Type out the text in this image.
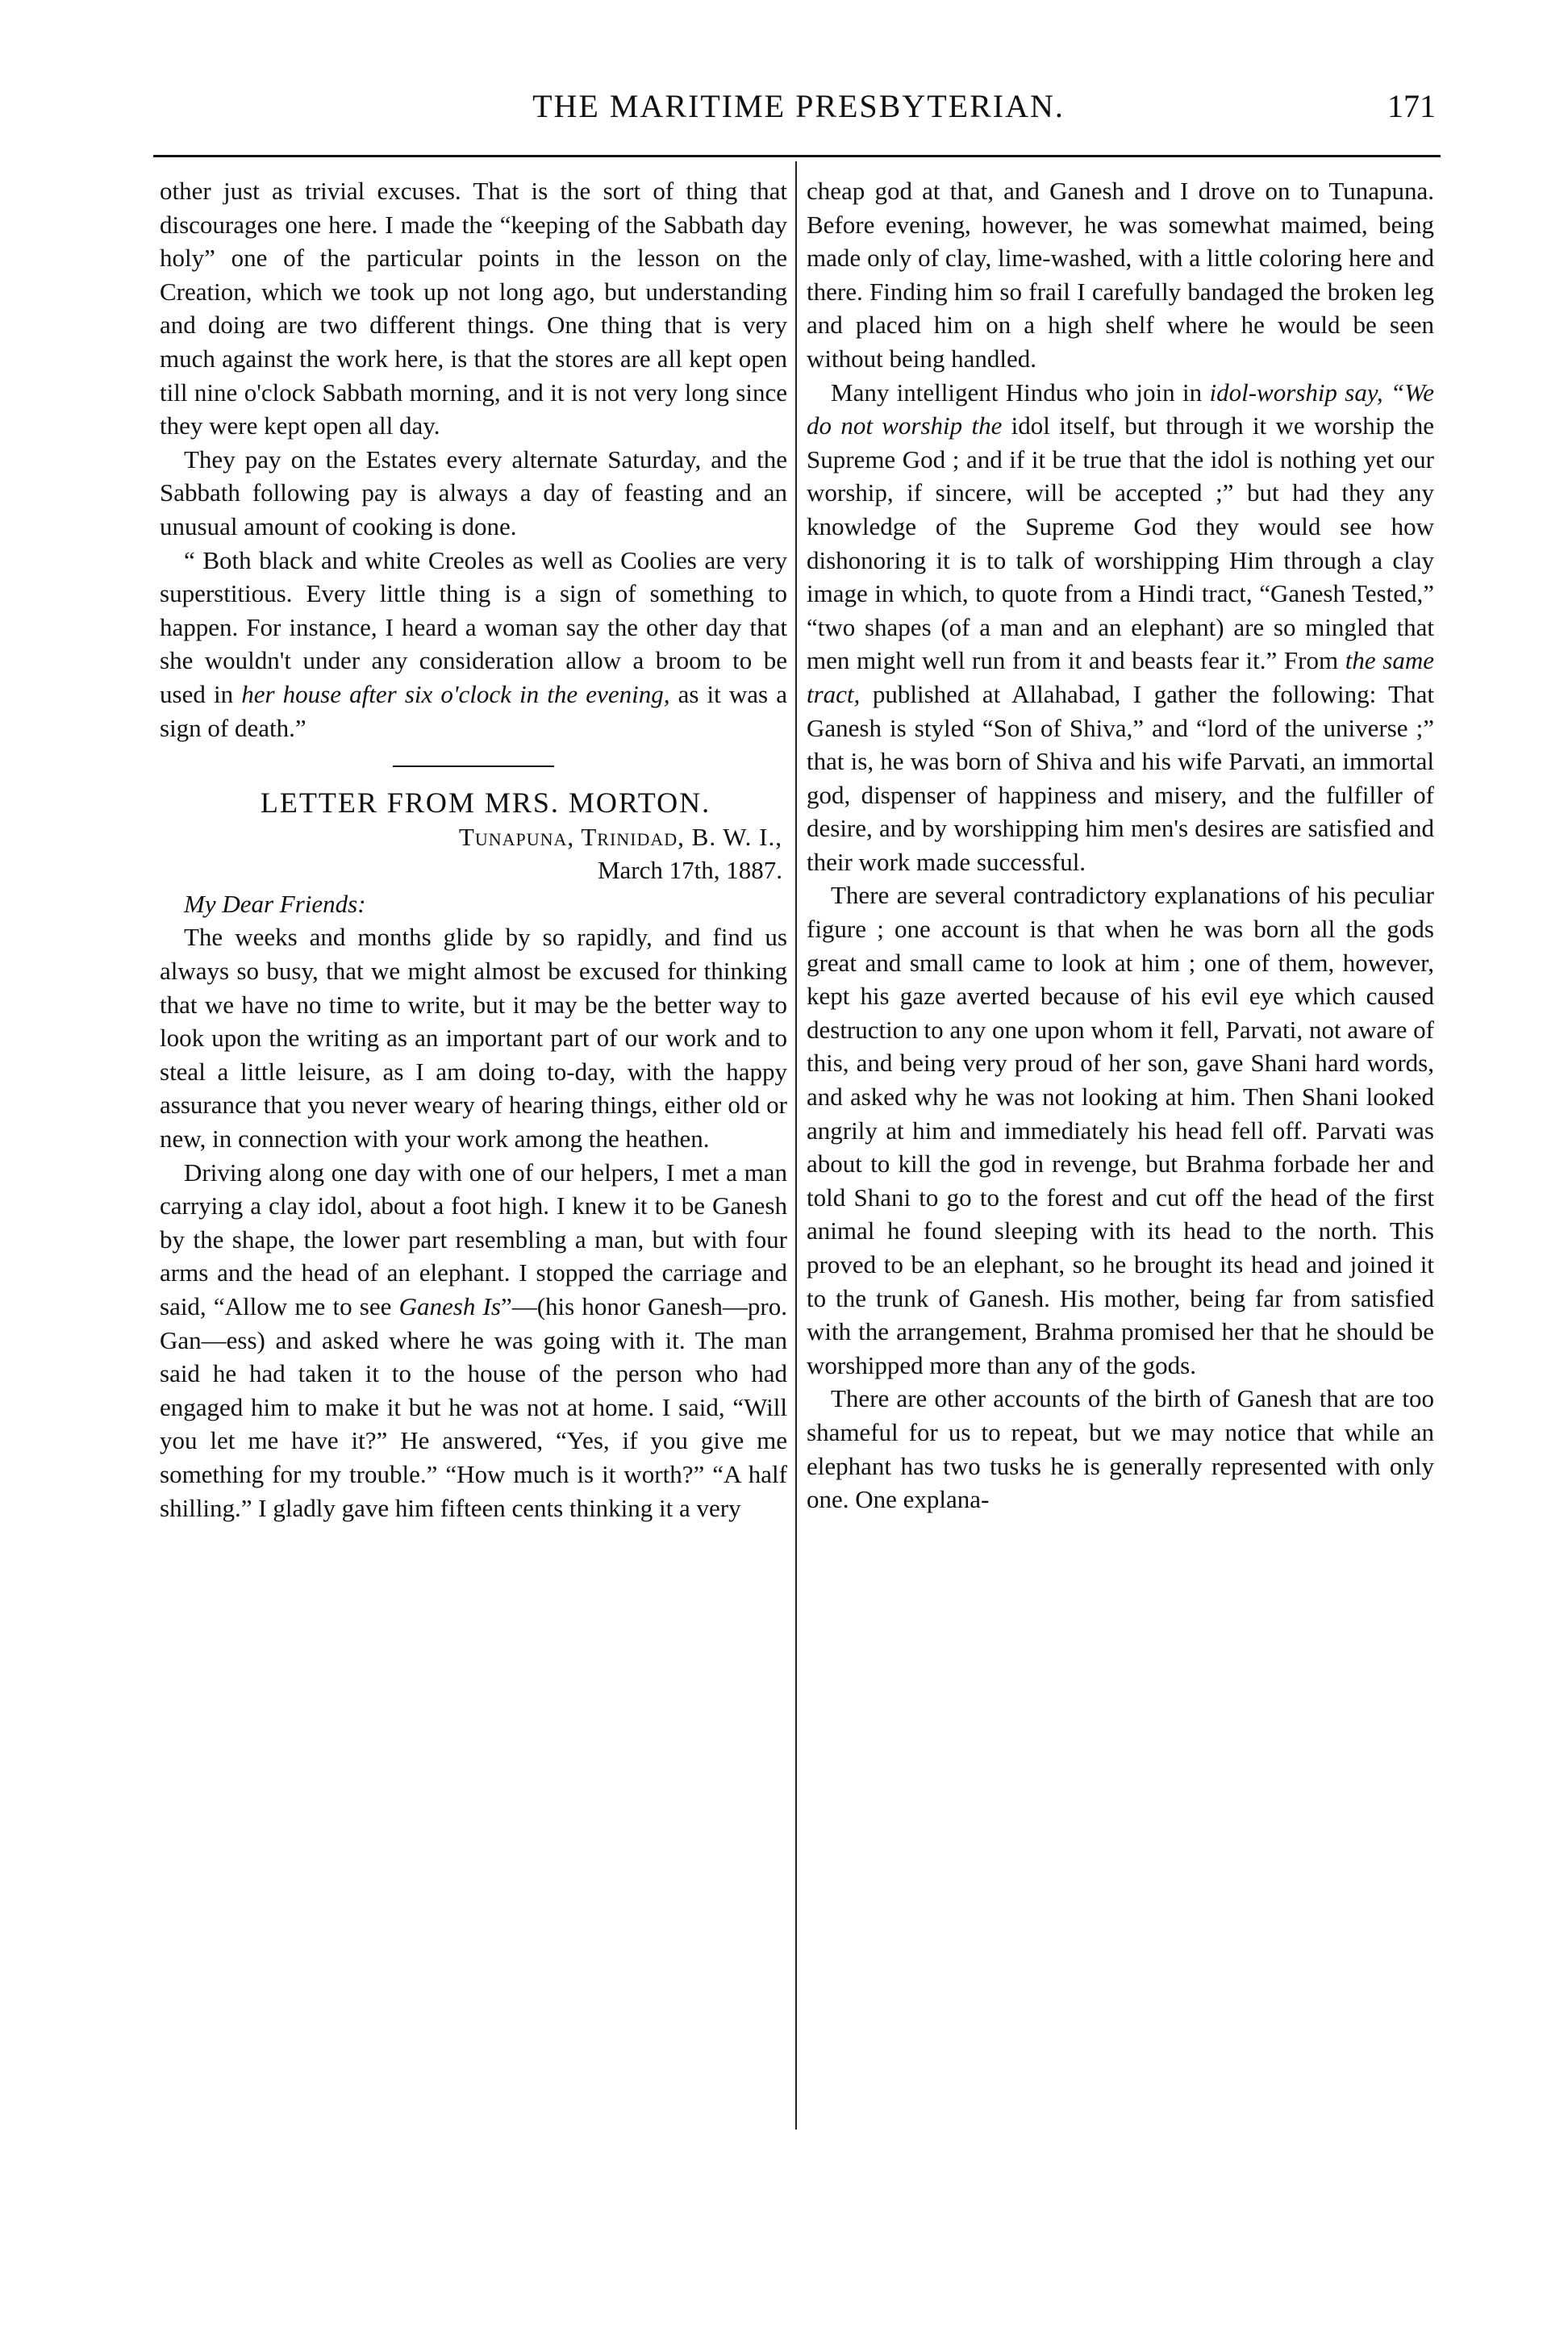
THE MARITIME PRESBYTERIAN.	171

other just as trivial excuses. That is the sort of thing that discourages one here. I made the “keeping of the Sabbath day holy” one of the particular points in the lesson on the Creation, which we took up not long ago, but understanding and doing are two different things. One thing that is very much against the work here, is that the stores are all kept open till nine o'clock Sabbath morning, and it is not very long since they were kept open all day.

They pay on the Estates every alternate Saturday, and the Sabbath following pay is always a day of feasting and an unusual amount of cooking is done.

“ Both black and white Creoles as well as Coolies are very superstitious. Every little thing is a sign of something to happen. For instance, I heard a woman say the other day that she wouldn't under any consideration allow a broom to be used in her house after six o'clock in the evening, as it was a sign of death.”

LETTER FROM MRS. MORTON.

Tunapuna, Trinidad, B. W. I.,

March 17th, 1887.

My Dear Friends:

The weeks and months glide by so rapidly, and find us always so busy, that we might almost be excused for thinking that we have no time to write, but it may be the better way to look upon the writing as an important part of our work and to steal a little leisure, as I am doing to-day, with the happy assurance that you never weary of hearing things, either old or new, in connection with your work among the heathen.

Driving along one day with one of our helpers, I met a man carrying a clay idol, about a foot high. I knew it to be Ganesh by the shape, the lower part resembling a man, but with four arms and the head of an elephant. I stopped the carriage and said, “Allow me to see Ganesh Is”—(his honor Ganesh—pro. Gan—ess) and asked where he was going with it. The man said he had taken it to the house of the person who had engaged him to make it but he was not at home. I said, “Will you let me have it?” He answered, “Yes, if you give me something for my trouble.” “How much is it worth?” “A half shilling.” I gladly gave him fifteen cents thinking it a very

cheap god at that, and Ganesh and I drove on to Tunapuna. Before evening, however, he was somewhat maimed, being made only of clay, lime-washed, with a little coloring here and there. Finding him so frail I carefully bandaged the broken leg and placed him on a high shelf where he would be seen without being handled.

Many intelligent Hindus who join in idol-worship say, “We do not worship the idol itself, but through it we worship the Supreme God ; and if it be true that the idol is nothing yet our worship, if sincere, will be accepted ;” but had they any knowledge of the Supreme God they would see how dishonoring it is to talk of worshipping Him through a clay image in which, to quote from a Hindi tract, “Ganesh Tested,” “two shapes (of a man and an elephant) are so mingled that men might well run from it and beasts fear it.” From the same tract, published at Allahabad, I gather the following: That Ganesh is styled “Son of Shiva,” and “lord of the universe ;” that is, he was born of Shiva and his wife Parvati, an immortal god, dispenser of happiness and misery, and the fulfiller of desire, and by worshipping him men's desires are satisfied and their work made successful.

There are several contradictory explanations of his peculiar figure ; one account is that when he was born all the gods great and small came to look at him ; one of them, however, kept his gaze averted because of his evil eye which caused destruction to any one upon whom it fell, Parvati, not aware of this, and being very proud of her son, gave Shani hard words, and asked why he was not looking at him. Then Shani looked angrily at him and immediately his head fell off. Parvati was about to kill the god in revenge, but Brahma forbade her and told Shani to go to the forest and cut off the head of the first animal he found sleeping with its head to the north. This proved to be an elephant, so he brought its head and joined it to the trunk of Ganesh. His mother, being far from satisfied with the arrangement, Brahma promised her that he should be worshipped more than any of the gods.

There are other accounts of the birth of Ganesh that are too shameful for us to repeat, but we may notice that while an elephant has two tusks he is generally represented with only one. One explana-
